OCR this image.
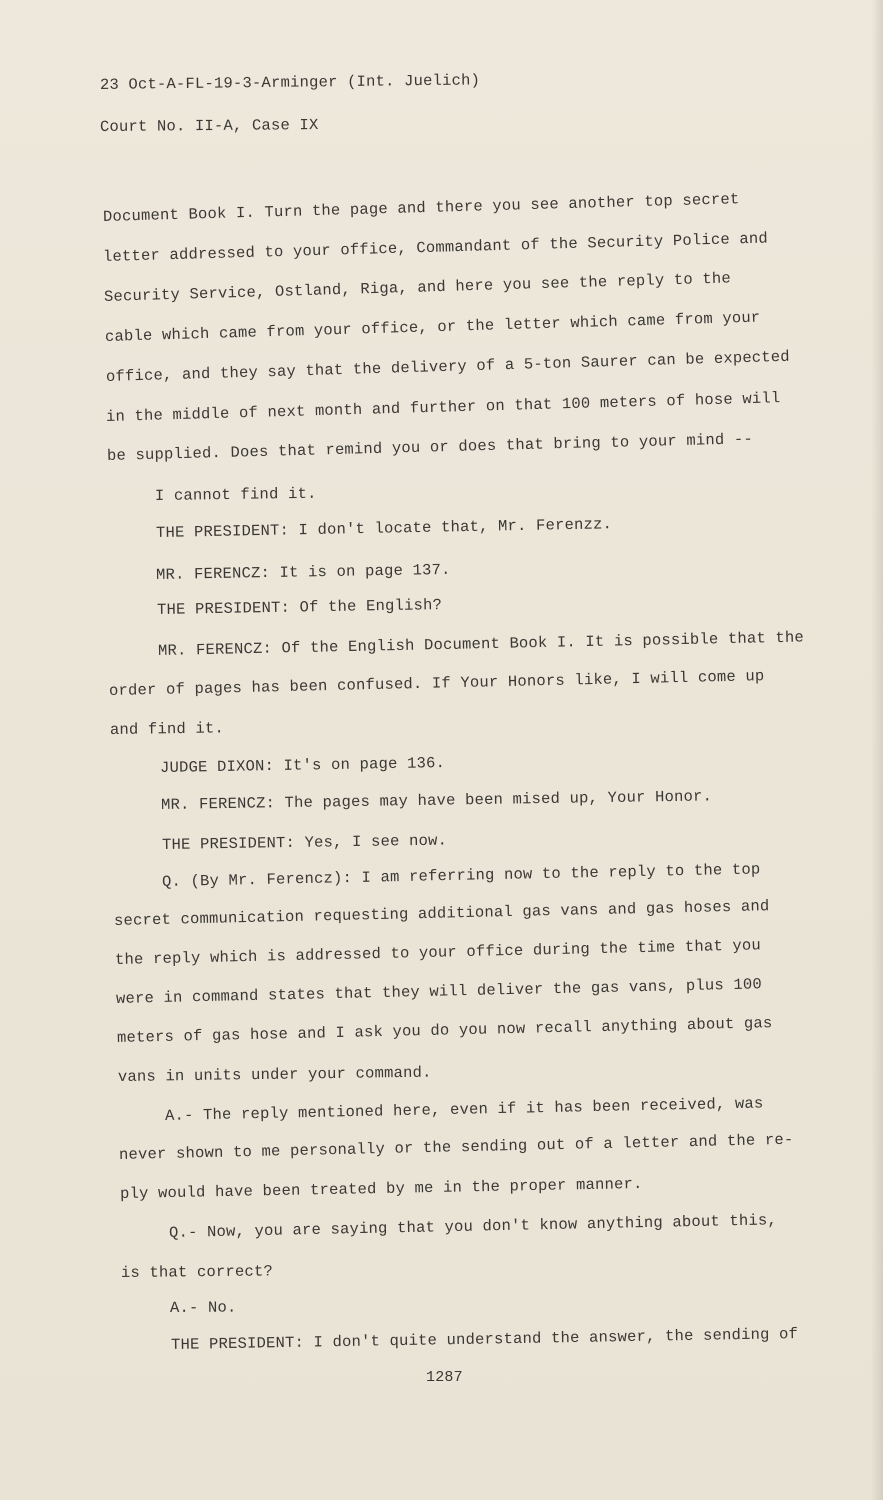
23 Oct-A-FL-19-3-Arminger (Int. Juelich)
Court No. II-A, Case IX
Document Book I. Turn the page and there you see another top secret
letter addressed to your office, Commandant of the Security Police and
Security Service, Ostland, Riga, and here you see the reply to the
cable which came from your office, or the letter which came from your
office, and they say that the delivery of a 5-ton Saurer can be expected
in the middle of next month and further on that 100 meters of hose will
be supplied. Does that remind you or does that bring to your mind --
I cannot find it.
THE PRESIDENT: I don't locate that, Mr. Ferenzz.
MR. FERENCZ: It is on page 137.
THE PRESIDENT: Of the English?
MR. FERENCZ: Of the English Document Book I. It is possible that the
order of pages has been confused. If Your Honors like, I will come up
and find it.
JUDGE DIXON: It's on page 136.
MR. FERENCZ: The pages may have been mised up, Your Honor.
THE PRESIDENT: Yes, I see now.
Q. (By Mr. Ferencz): I am referring now to the reply to the top
secret communication requesting additional gas vans and gas hoses and
the reply which is addressed to your office during the time that you
were in command states that they will deliver the gas vans, plus 100
meters of gas hose and I ask you do you now recall anything about gas
vans in units under your command.
A.- The reply mentioned here, even if it has been received, was
never shown to me personally or the sending out of a letter and the re-
ply would have been treated by me in the proper manner.
Q.- Now, you are saying that you don't know anything about this,
is that correct?
A.- No.
THE PRESIDENT: I don't quite understand the answer, the sending of
1287
